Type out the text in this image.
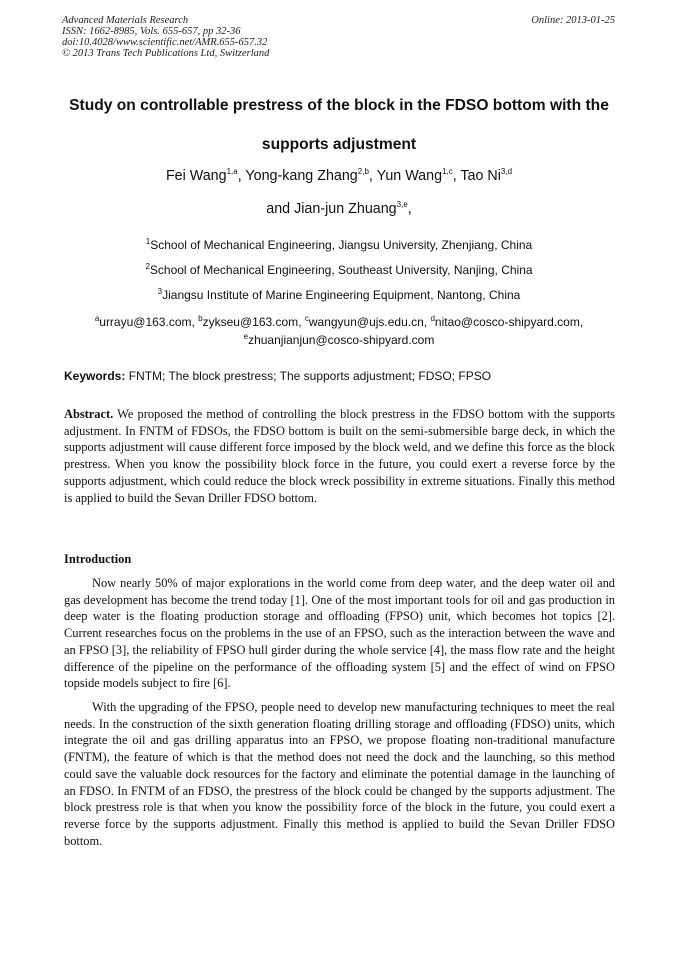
Advanced Materials Research
ISSN: 1662-8985, Vols. 655-657, pp 32-36
doi:10.4028/www.scientific.net/AMR.655-657.32
© 2013 Trans Tech Publications Ltd, Switzerland
Online: 2013-01-25
Study on controllable prestress of the block in the FDSO bottom with the supports adjustment
Fei Wang$^{1,a}$, Yong-kang Zhang$^{2,b}$, Yun Wang$^{1,c}$, Tao Ni$^{3,d}$
and Jian-jun Zhuang$^{3,e}$,
$^1$School of Mechanical Engineering, Jiangsu University, Zhenjiang, China
$^2$School of Mechanical Engineering, Southeast University, Nanjing, China
$^3$Jiangsu Institute of Marine Engineering Equipment, Nantong, China
$^a$urrayu@163.com, $^b$zykseu@163.com, $^c$wangyun@ujs.edu.cn, $^d$nitao@cosco-shipyard.com,
$^e$zhuanjianjun@cosco-shipyard.com
Keywords: FNTM; The block prestress; The supports adjustment; FDSO; FPSO
Abstract. We proposed the method of controlling the block prestress in the FDSO bottom with the supports adjustment. In FNTM of FDSOs, the FDSO bottom is built on the semi-submersible barge deck, in which the supports adjustment will cause different force imposed by the block weld, and we define this force as the block prestress. When you know the possibility block force in the future, you could exert a reverse force by the supports adjustment, which could reduce the block wreck possibility in extreme situations. Finally this method is applied to build the Sevan Driller FDSO bottom.
Introduction
Now nearly 50% of major explorations in the world come from deep water, and the deep water oil and gas development has become the trend today [1]. One of the most important tools for oil and gas production in deep water is the floating production storage and offloading (FPSO) unit, which becomes hot topics [2]. Current researches focus on the problems in the use of an FPSO, such as the interaction between the wave and an FPSO [3], the reliability of FPSO hull girder during the whole service [4], the mass flow rate and the height difference of the pipeline on the performance of the offloading system [5] and the effect of wind on FPSO topside models subject to fire [6].
With the upgrading of the FPSO, people need to develop new manufacturing techniques to meet the real needs. In the construction of the sixth generation floating drilling storage and offloading (FDSO) units, which integrate the oil and gas drilling apparatus into an FPSO, we propose floating non-traditional manufacture (FNTM), the feature of which is that the method does not need the dock and the launching, so this method could save the valuable dock resources for the factory and eliminate the potential damage in the launching of an FDSO. In FNTM of an FDSO, the prestress of the block could be changed by the supports adjustment. The block prestress role is that when you know the possibility force of the block in the future, you could exert a reverse force by the supports adjustment. Finally this method is applied to build the Sevan Driller FDSO bottom.
